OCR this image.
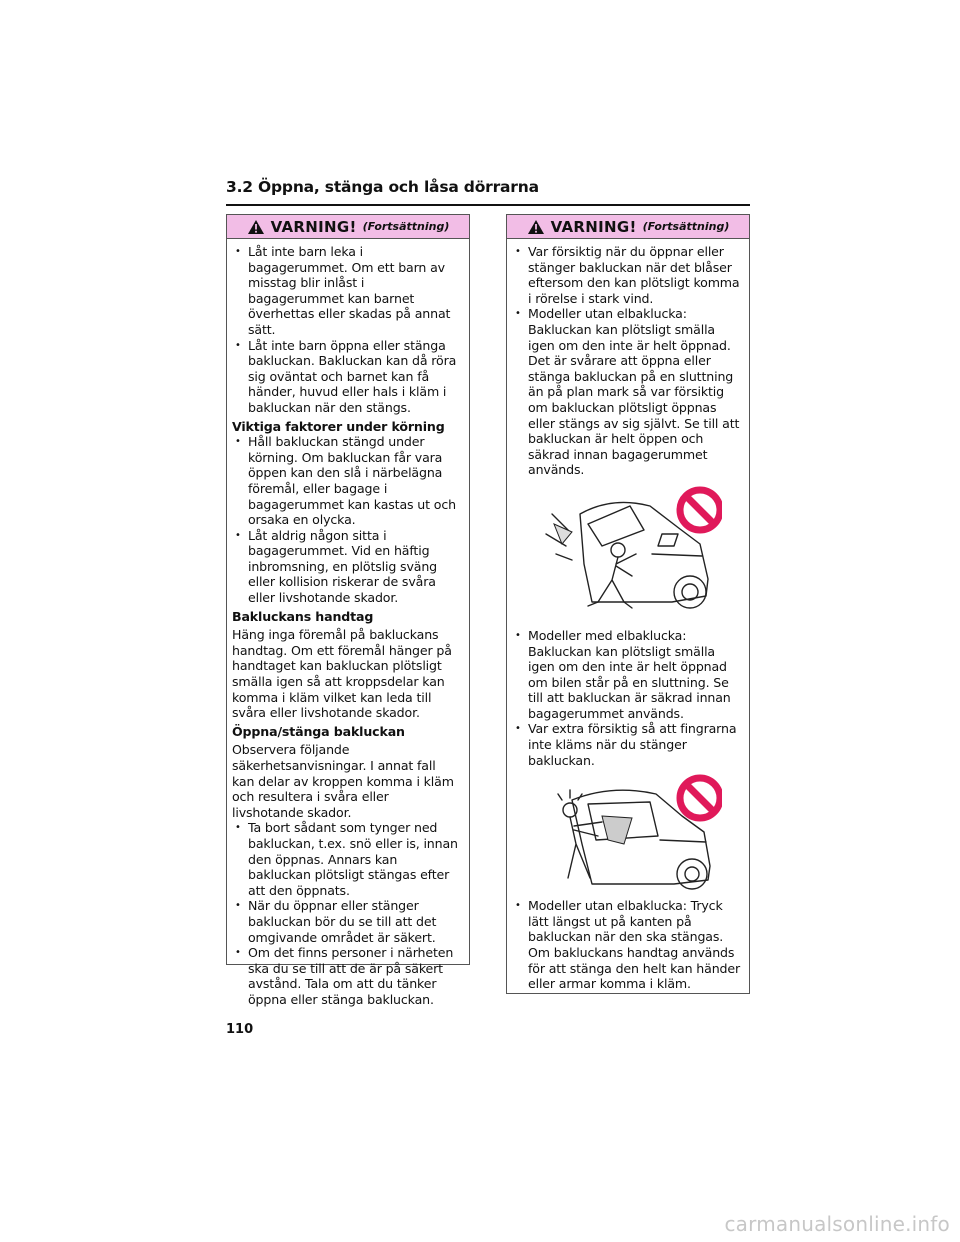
3.2 Öppna, stänga och låsa dörrarna
VARNING! (Fortsättning)
• Låt inte barn leka i bagagerummet. Om ett barn av misstag blir inlåst i bagagerummet kan barnet överhettas eller skadas på annat sätt.
• Låt inte barn öppna eller stänga bakluckan. Bakluckan kan då röra sig oväntat och barnet kan få händer, huvud eller hals i kläm i bakluckan när den stängs.
Viktiga faktorer under körning
• Håll bakluckan stängd under körning. Om bakluckan får vara öppen kan den slå i närbelägna föremål, eller bagage i bagagerummet kan kastas ut och orsaka en olycka.
• Låt aldrig någon sitta i bagagerummet. Vid en häftig inbromsning, en plötslig sväng eller kollision riskerar de svåra eller livshotande skador.
Bakluckans handtag
Häng inga föremål på bakluckans handtag. Om ett föremål hänger på handtaget kan bakluckan plötsligt smälla igen så att kroppsdelar kan komma i kläm vilket kan leda till svåra eller livshotande skador.
Öppna/stänga bakluckan
Observera följande säkerhetsanvisningar. I annat fall kan delar av kroppen komma i kläm och resultera i svåra eller livshotande skador.
• Ta bort sådant som tynger ned bakluckan, t.ex. snö eller is, innan den öppnas. Annars kan bakluckan plötsligt stängas efter att den öppnats.
• När du öppnar eller stänger bakluckan bör du se till att det omgivande området är säkert.
• Om det finns personer i närheten ska du se till att de är på säkert avstånd. Tala om att du tänker öppna eller stänga bakluckan.
VARNING! (Fortsättning)
• Var försiktig när du öppnar eller stänger bakluckan när det blåser eftersom den kan plötsligt komma i rörelse i stark vind.
• Modeller utan elbaklucka: Bakluckan kan plötsligt smälla igen om den inte är helt öppnad. Det är svårare att öppna eller stänga bakluckan på en sluttning än på plan mark så var försiktig om bakluckan plötsligt öppnas eller stängs av sig självt. Se till att bakluckan är helt öppen och säkrad innan bagagerummet används.
• Modeller med elbaklucka: Bakluckan kan plötsligt smälla igen om den inte är helt öppnad om bilen står på en sluttning. Se till att bakluckan är säkrad innan bagagerummet används.
• Var extra försiktig så att fingrarna inte kläms när du stänger bakluckan.
• Modeller utan elbaklucka: Tryck lätt längst ut på kanten på bakluckan när den ska stängas. Om bakluckans handtag används för att stänga den helt kan händer eller armar komma i kläm.
110
carmanualsonline.info
